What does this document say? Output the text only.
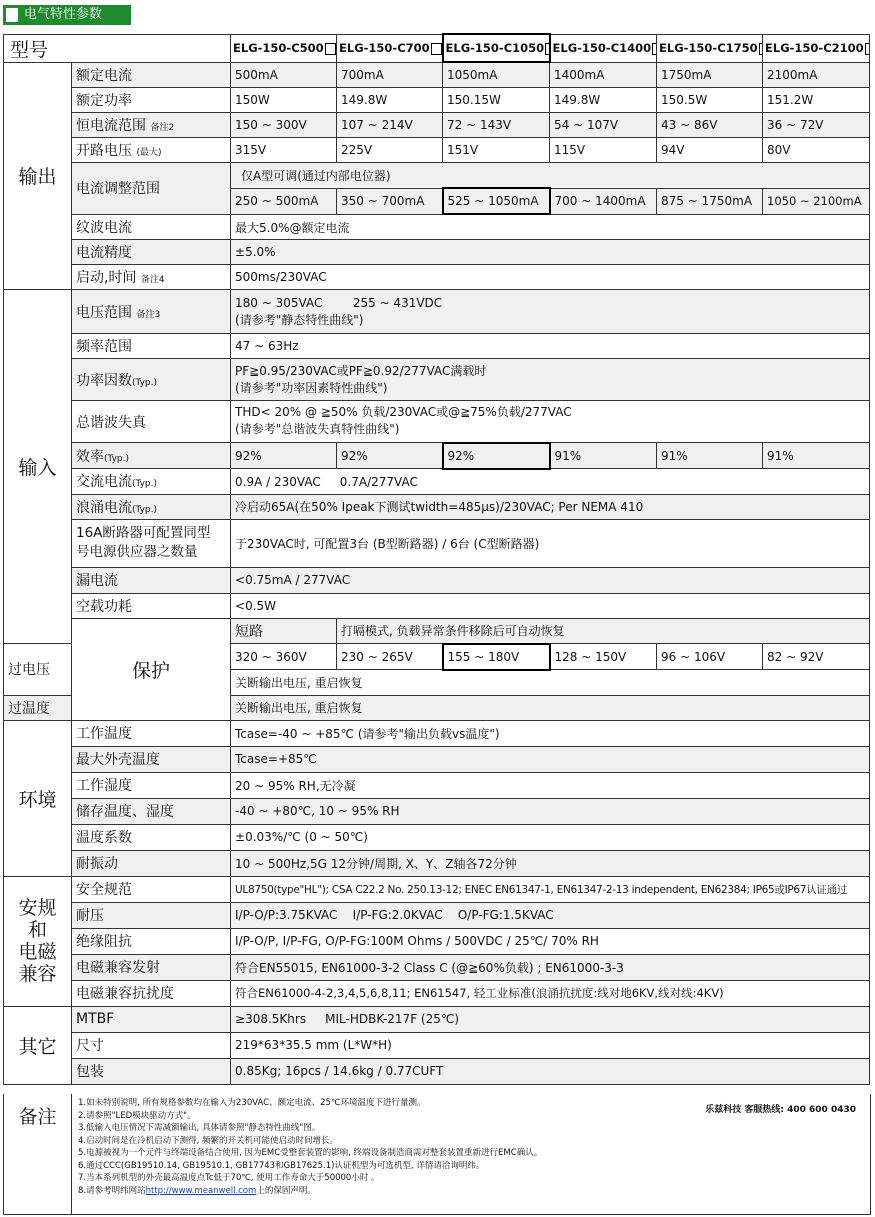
电气特性参数
型号		ELG-150-C500	ELG-150-C700	ELG-150-C1050	ELG-150-C1400	ELG-150-C1750	ELG-150-C2100
输出	额定电流	500mA	700mA	1050mA	1400mA	1750mA	2100mA
	额定功率	150W	149.8W	150.15W	149.8W	150.5W	151.2W
	恒电流范围 备注2	150 ~ 300V	107 ~ 214V	72 ~ 143V	54 ~ 107V	43 ~ 86V	36 ~ 72V
	开路电压 (最大)	315V	225V	151V	115V	94V	80V
	电流调整范围	仅A型可调(通过内部电位器)					
		250 ~ 500mA	350 ~ 700mA	525 ~ 1050mA	700 ~ 1400mA	875 ~ 1750mA	1050 ~ 2100mA
	纹波电流	最大5.0%@额定电流					
	电流精度	±5.0%					
	启动,时间 备注4	500ms/230VAC					
输入	电压范围 备注3	180 ~ 305VAC        255 ~ 431VDC
(请参考"静态特性曲线")					

	频率范围	47 ~ 63Hz					
	功率因数(Typ.)	PF≧0.95/230VAC或PF≧0.92/277VAC满载时
(请参考"功率因素特性曲线")					

	总谐波失真	THD< 20% @ ≧50% 负载/230VAC或@≧75%负载/277VAC
(请参考"总谐波失真特性曲线")					

	效率(Typ.)	92%	92%	92%	91%	91%	91%
	交流电流(Typ.)	0.9A / 230VAC     0.7A/277VAC					
	浪涌电流(Typ.)	冷启动65A(在50% Ipeak下测试twidth=485μs)/230VAC; Per NEMA 410					

	16A断路器可配置同型
号电源供应器之数量	于230VAC时, 可配置3台 (B型断路器) / 6台 (C型断路器)					
	漏电流	<0.75mA / 277VAC					
	空载功耗	<0.5W					
	保护	短路	打嗝模式, 负载异常条件移除后可自动恢复				
过电压		320 ~ 360V	230 ~ 265V	155 ~ 180V	128 ~ 150V	96 ~ 106V	82 ~ 92V
		关断输出电压, 重启恢复					
过温度		关断输出电压, 重启恢复					
环境	工作温度	Tcase=-40 ~ +85℃ (请参考"输出负载vs温度")					
	最大外壳温度	Tcase=+85℃					
	工作湿度	20 ~ 95% RH,无冷凝					
	储存温度、湿度	-40 ~ +80℃, 10 ~ 95% RH					
	温度系数	±0.03%/℃ (0 ~ 50℃)					
	耐振动	10 ~ 500Hz,5G 12分钟/周期, X、Y、Z轴各72分钟					
安规
和
电磁
兼容	安全规范	UL8750(type"HL"); CSA C22.2 No. 250.13-12; ENEC EN61347-1, EN61347-2-13 independent, EN62384; IP65或IP67认证通过					
	耐压	I/P-O/P:3.75KVAC    I/P-FG:2.0KVAC    O/P-FG:1.5KVAC					
	绝缘阻抗	I/P-O/P, I/P-FG, O/P-FG:100M Ohms / 500VDC / 25℃/ 70% RH					
	电磁兼容发射	符合EN55015, EN61000-3-2 Class C (@≧60%负载) ; EN61000-3-3					
	电磁兼容抗扰度	符合EN61000-4-2,3,4,5,6,8,11; EN61547, 轻工业标准(浪涌抗扰度:线对地6KV,线对线:4KV)					
其它	MTBF	≥308.5Khrs     MIL-HDBK-217F (25℃)					
	尺寸	219*63*35.5 mm (L*W*H)					
	包装	0.85Kg; 16pcs / 14.6kg / 0.77CUFT					
备注
1.如未特别说明, 所有规格参数均在输入为230VAC、额定电流、25℃环境温度下进行量测。
2.请参照"LED模块驱动方式"。
3.低输入电压情况下需减额输出, 具体请参照"静态特性曲线"图。
4.启动时间是在冷机启动下测得, 频繁的开关机可能使启动时间增长。
5.电源被视为一个元件与终端设备结合使用, 因为EMC受整套装置的影响, 终端设备制造商需对整套装置重新进行EMC确认。
6.通过CCC(GB19510.14, GB19510.1, GB17743和GB17625.1)认证机型为可选机型, 详情请洽询明纬。
7.当本系列机型的外壳最高温度点Tc低于70℃, 使用工作寿命大于50000小时 。
8.请参考明纬网站http://www.meanwell.com上的保固声明。
乐兹科技 客服热线: 400 600 0430
